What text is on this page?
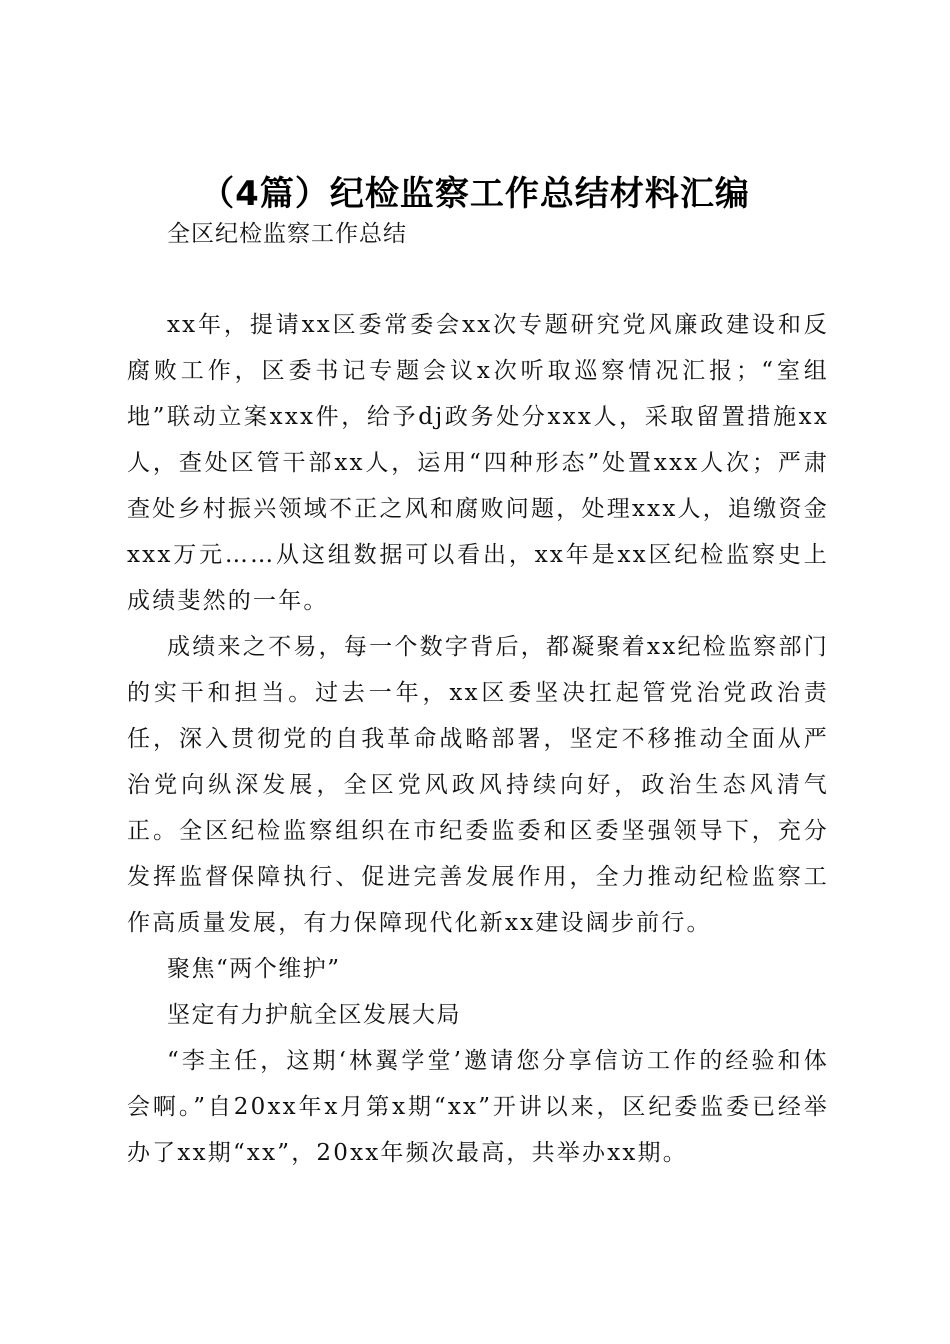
（4篇）纪检监察工作总结材料汇编

全区纪检监察工作总结

xx年，提请xx区委常委会xx次专题研究党风廉政建设和反腐败工作，区委书记专题会议x次听取巡察情况汇报；“室组地”联动立案xxx件，给予dj政务处分xxx人，采取留置措施xx人，查处区管干部xx人，运用“四种形态”处置xxx人次；严肃查处乡村振兴领域不正之风和腐败问题，处理xxx人，追缴资金xxx万元……从这组数据可以看出，xx年是xx区纪检监察史上成绩斐然的一年。

成绩来之不易，每一个数字背后，都凝聚着xx纪检监察部门的实干和担当。过去一年，xx区委坚决扛起管党治党政治责任，深入贯彻党的自我革命战略部署，坚定不移推动全面从严治党向纵深发展，全区党风政风持续向好，政治生态风清气正。全区纪检监察组织在市纪委监委和区委坚强领导下，充分发挥监督保障执行、促进完善发展作用，全力推动纪检监察工作高质量发展，有力保障现代化新xx建设阔步前行。

聚焦“两个维护”

坚定有力护航全区发展大局

“李主任，这期‘林翼学堂’邀请您分享信访工作的经验和体会啊。”自20xx年x月第x期“xx”开讲以来，区纪委监委已经举办了xx期“xx”，20xx年频次最高，共举办xx期。
